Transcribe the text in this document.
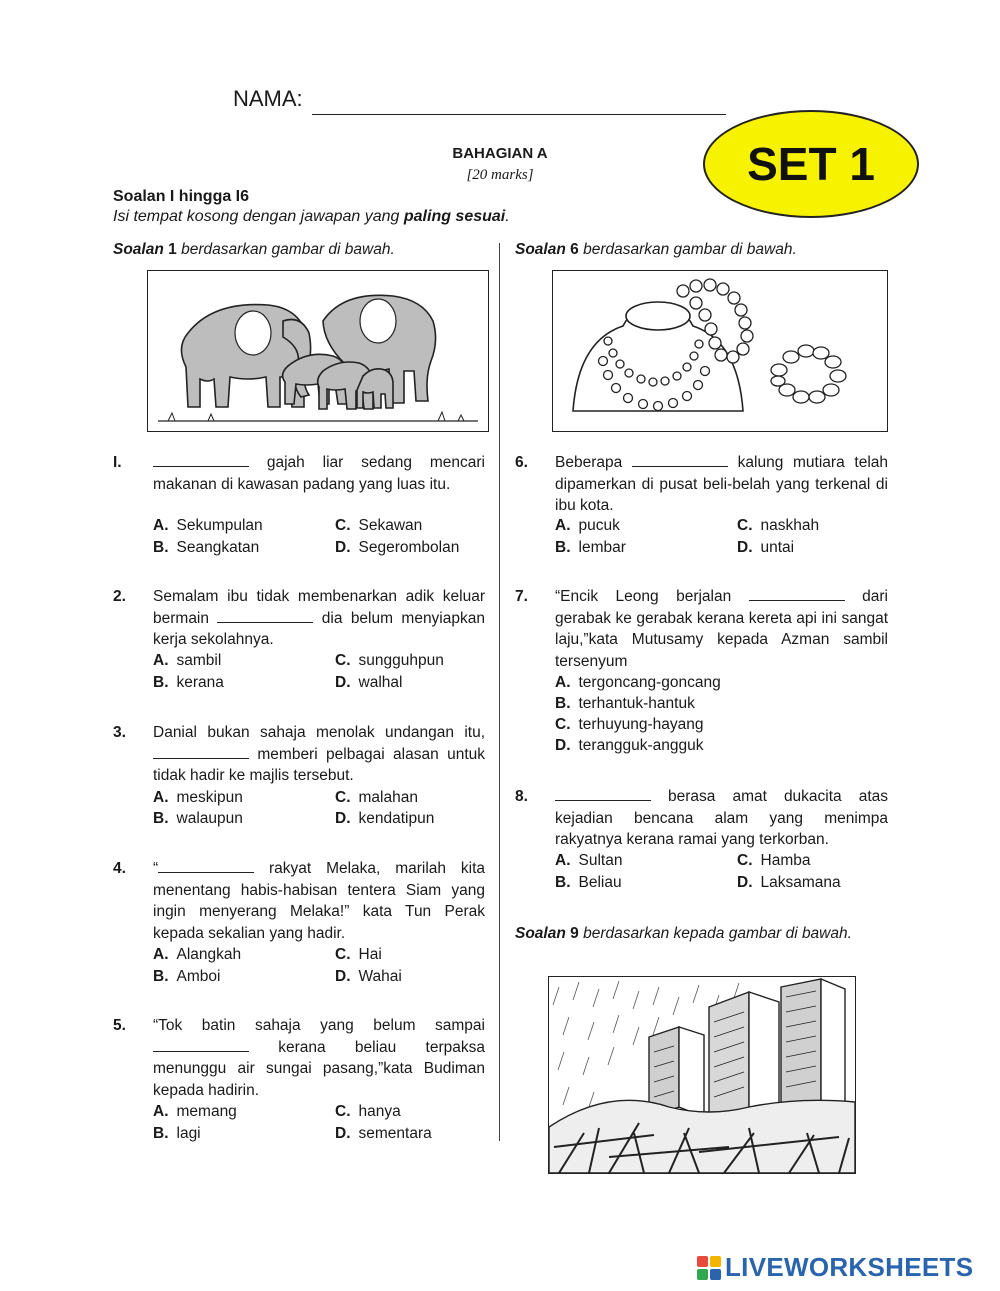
NAMA:
SET 1
BAHAGIAN A
[20 marks]
Soalan I hingga I6
Isi tempat kosong dengan jawapan yang paling sesuai.
Soalan 1 berdasarkan gambar di bawah.	Soalan 6 berdasarkan gambar di bawah.
I.	gajah liar sedang mencari makanan di kawasan padang yang luas itu.
A. Sekumpulan	C. Sekawan
B. Seangkatan	D. Segerombolan
2. Semalam ibu tidak membenarkan adik keluar bermain	dia belum menyiapkan kerja sekolahnya.
A. sambil	C. sungguhpun
B. kerana	D. walhal
3. Danial bukan sahaja menolak undangan itu,  memberi pelbagai alasan untuk tidak hadir ke majlis tersebut.
A. meskipun	C. malahan
B. walaupun	D. kendatipun
4. “	rakyat Melaka, marilah kita menentang habis-habisan tentera Siam yang ingin menyerang Melaka!” kata Tun Perak kepada sekalian yang hadir.
A. Alangkah	C. Hai
B. Amboi	D. Wahai
5. “Tok batin sahaja yang belum sampai  kerana beliau terpaksa menunggu air sungai pasang,”kata Budiman kepada hadirin.
A. memang	C. hanya
B. lagi	D. sementara
6. Beberapa	kalung mutiara telah dipamerkan di pusat beli-belah yang terkenal di ibu kota.
A. pucuk	C. naskhah
B. lembar	D. untai
7. “Encik Leong berjalan	dari gerabak ke gerabak kerana kereta api ini sangat laju,”kata Mutusamy kepada Azman sambil tersenyum
A. tergoncang-goncang
B. terhantuk-hantuk
C. terhuyung-hayang
D. terangguk-angguk
8.	berasa amat dukacita atas kejadian bencana alam yang menimpa rakyatnya kerana ramai yang terkorban.
A. Sultan	C. Hamba
B. Beliau	D. Laksamana
Soalan 9 berdasarkan kepada gambar di bawah.
LIVEWORKSHEETS
